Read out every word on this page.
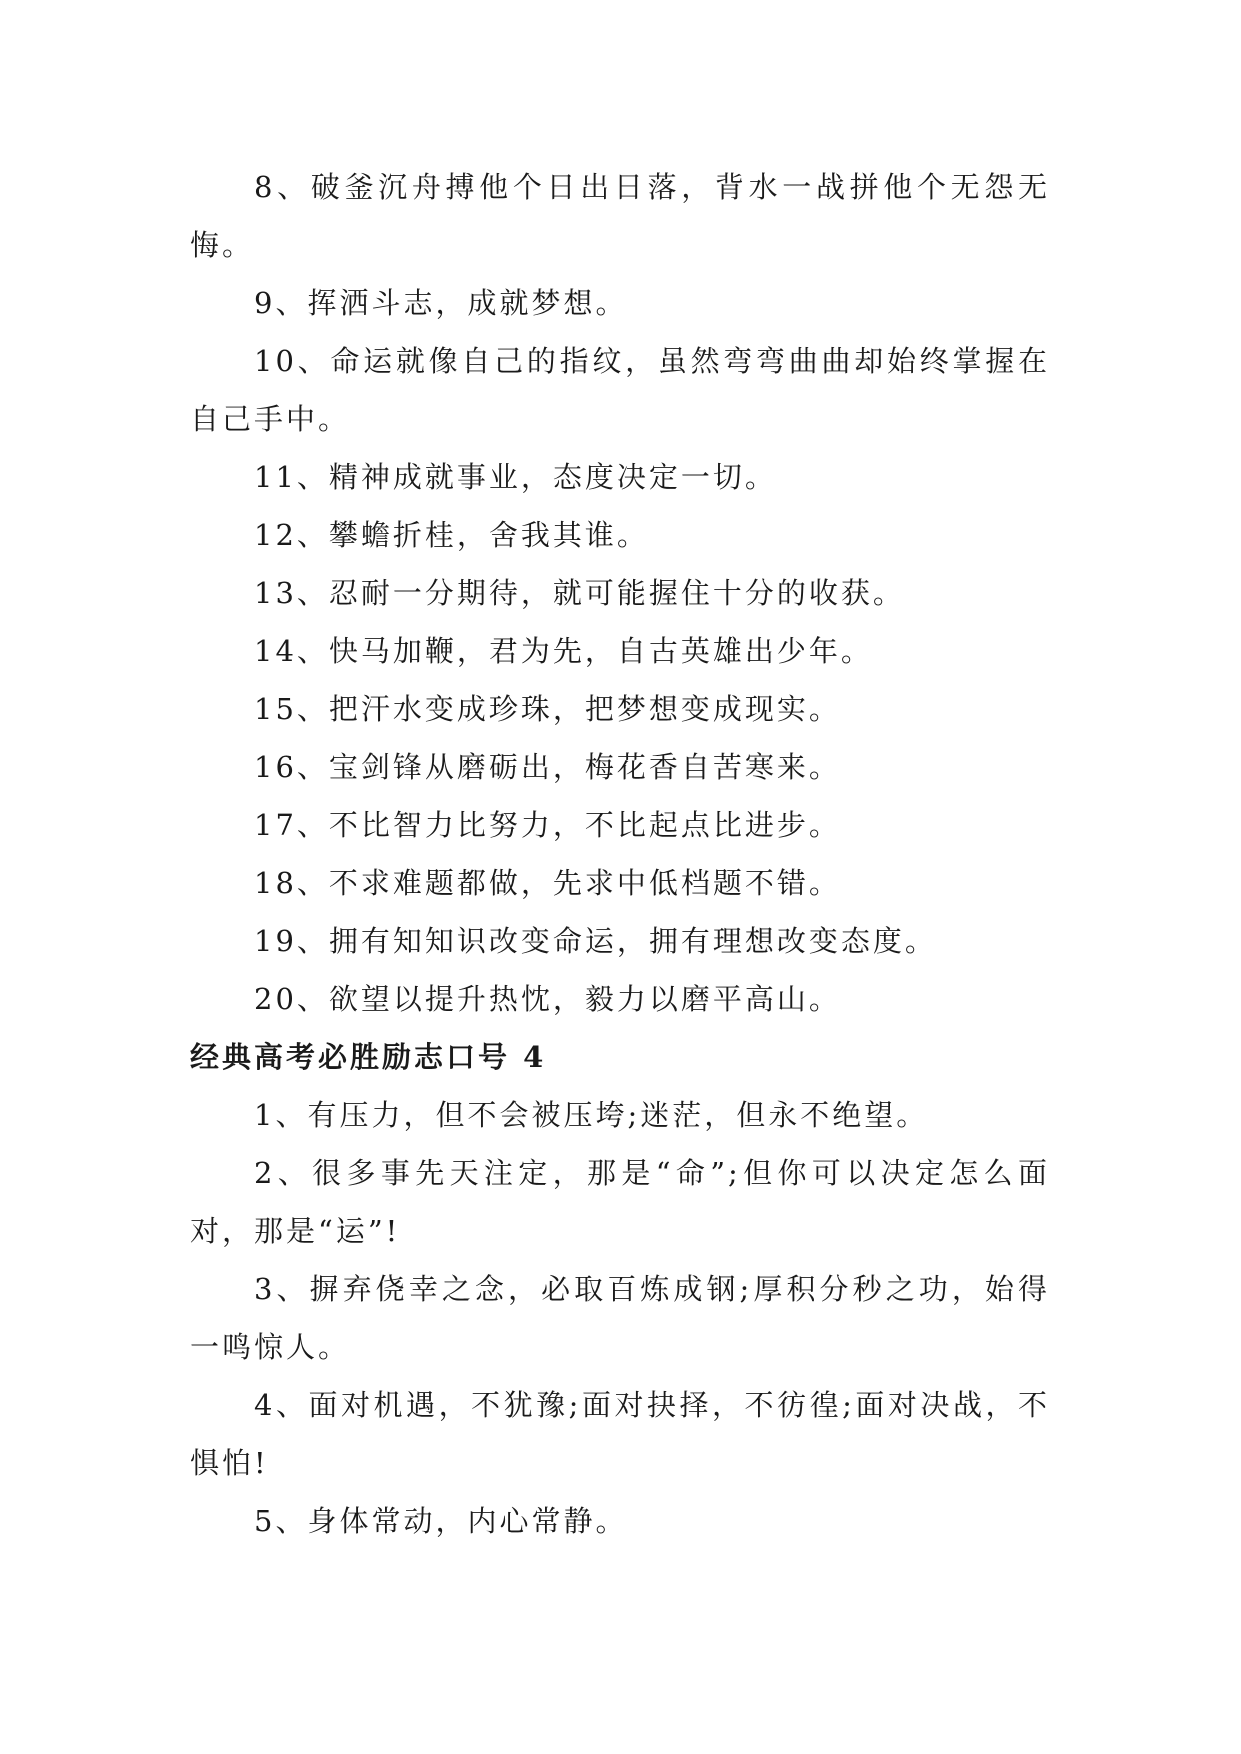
8、破釜沉舟搏他个日出日落，背水一战拼他个无怨无悔。

9、挥洒斗志，成就梦想。

10、命运就像自己的指纹，虽然弯弯曲曲却始终掌握在自己手中。

11、精神成就事业，态度决定一切。

12、攀蟾折桂，舍我其谁。

13、忍耐一分期待，就可能握住十分的收获。

14、快马加鞭，君为先，自古英雄出少年。

15、把汗水变成珍珠，把梦想变成现实。

16、宝剑锋从磨砺出，梅花香自苦寒来。

17、不比智力比努力，不比起点比进步。

18、不求难题都做，先求中低档题不错。

19、拥有知知识改变命运，拥有理想改变态度。

20、欲望以提升热忱，毅力以磨平高山。

经典高考必胜励志口号 4

1、有压力，但不会被压垮;迷茫，但永不绝望。

2、很多事先天注定，那是“命”;但你可以决定怎么面对，那是“运”!

3、摒弃侥幸之念，必取百炼成钢;厚积分秒之功，始得一鸣惊人。

4、面对机遇，不犹豫;面对抉择，不彷徨;面对决战，不惧怕!

5、身体常动，内心常静。
